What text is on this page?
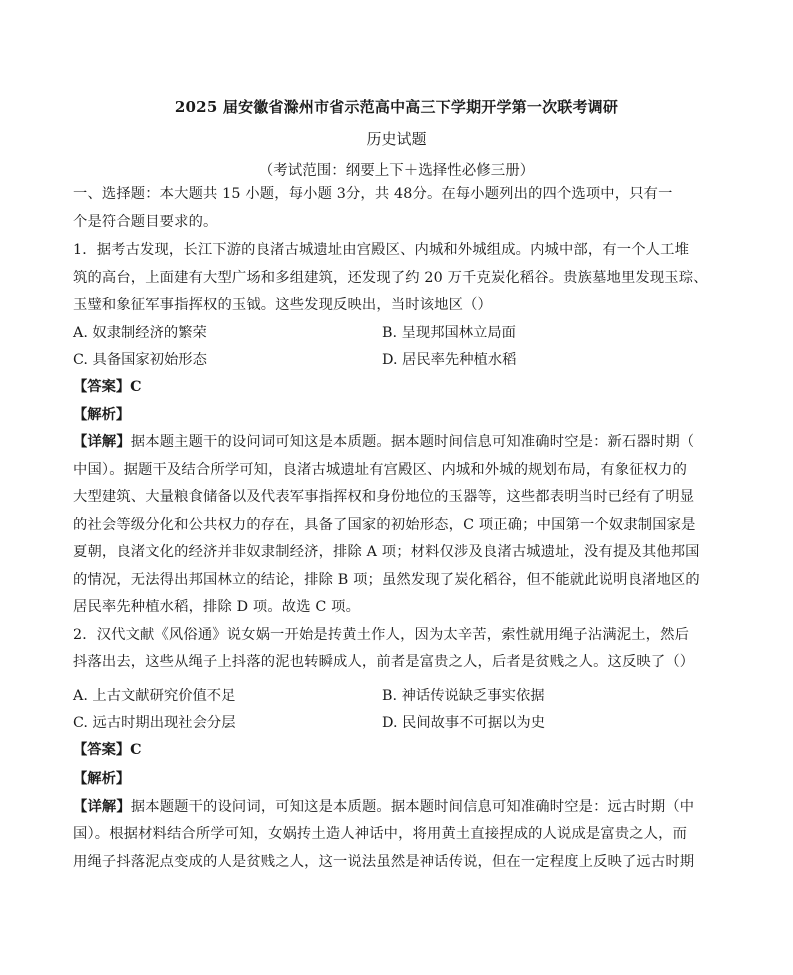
2025 届安徽省滁州市省示范高中高三下学期开学第一次联考调研
历史试题
（考试范围：纲要上下＋选择性必修三册）
一、选择题：本大题共 15 小题，每小题 3分，共 48分。在每小题列出的四个选项中，只有一
个是符合题目要求的。
1．据考古发现，长江下游的良渚古城遗址由宫殿区、内城和外城组成。内城中部，有一个人工堆
筑的高台，上面建有大型广场和多组建筑，还发现了约 20 万千克炭化稻谷。贵族墓地里发现玉琮、
玉璧和象征军事指挥权的玉钺。这些发现反映出，当时该地区（）
A. 奴隶制经济的繁荣	B. 呈现邦国林立局面
C. 具备国家初始形态	D. 居民率先种植水稻
【答案】C
【解析】
【详解】据本题主题干的设问词可知这是本质题。据本题时间信息可知准确时空是：新石器时期（
中国）。据题干及结合所学可知，良渚古城遗址有宫殿区、内城和外城的规划布局，有象征权力的
大型建筑、大量粮食储备以及代表军事指挥权和身份地位的玉器等，这些都表明当时已经有了明显
的社会等级分化和公共权力的存在，具备了国家的初始形态，C 项正确；中国第一个奴隶制国家是
夏朝，良渚文化的经济并非奴隶制经济，排除 A 项；材料仅涉及良渚古城遗址，没有提及其他邦国
的情况，无法得出邦国林立的结论，排除 B 项；虽然发现了炭化稻谷，但不能就此说明良渚地区的
居民率先种植水稻，排除 D 项。故选 C 项。
2．汉代文献《风俗通》说女娲一开始是抟黄土作人，因为太辛苦，索性就用绳子沾满泥土，然后
抖落出去，这些从绳子上抖落的泥也转瞬成人，前者是富贵之人，后者是贫贱之人。这反映了（）
A. 上古文献研究价值不足	B. 神话传说缺乏事实依据
C. 远古时期出现社会分层	D. 民间故事不可据以为史
【答案】C
【解析】
【详解】据本题题干的设问词，可知这是本质题。据本题时间信息可知准确时空是：远古时期（中
国）。根据材料结合所学可知，女娲抟土造人神话中，将用黄土直接捏成的人说成是富贵之人，而
用绳子抖落泥点变成的人是贫贱之人，这一说法虽然是神话传说，但在一定程度上反映了远古时期
